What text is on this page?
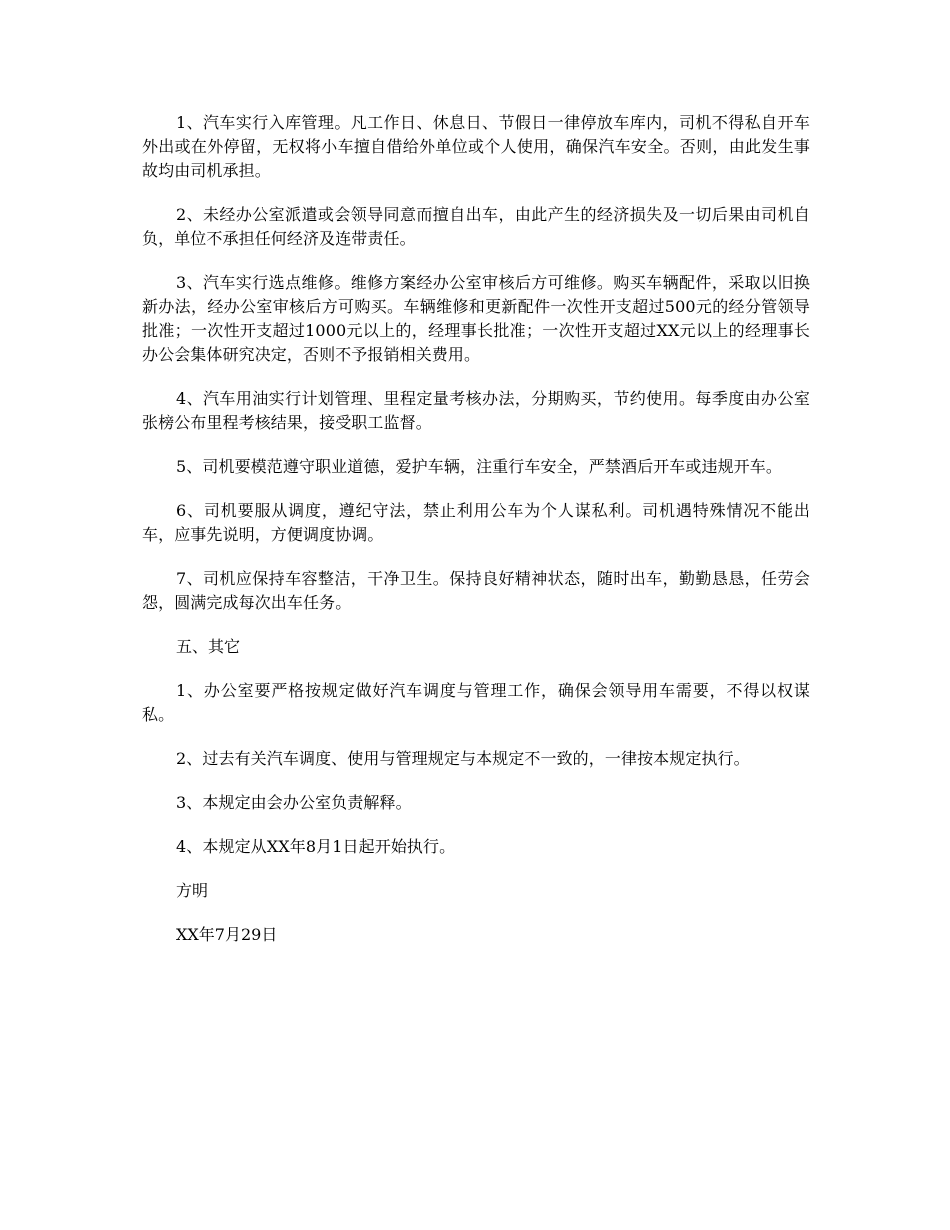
1、汽车实行入库管理。凡工作日、休息日、节假日一律停放车库内，司机不得私自开车外出或在外停留，无权将小车擅自借给外单位或个人使用，确保汽车安全。否则，由此发生事故均由司机承担。

2、未经办公室派遣或会领导同意而擅自出车，由此产生的经济损失及一切后果由司机自负，单位不承担任何经济及连带责任。

3、汽车实行选点维修。维修方案经办公室审核后方可维修。购买车辆配件，采取以旧换新办法，经办公室审核后方可购买。车辆维修和更新配件一次性开支超过500元的经分管领导批准；一次性开支超过1000元以上的，经理事长批准；一次性开支超过XX元以上的经理事长办公会集体研究决定，否则不予报销相关费用。

4、汽车用油实行计划管理、里程定量考核办法，分期购买，节约使用。每季度由办公室张榜公布里程考核结果，接受职工监督。

5、司机要模范遵守职业道德，爱护车辆，注重行车安全，严禁酒后开车或违规开车。

6、司机要服从调度，遵纪守法，禁止利用公车为个人谋私利。司机遇特殊情况不能出车，应事先说明，方便调度协调。

7、司机应保持车容整洁，干净卫生。保持良好精神状态，随时出车，勤勤恳恳，任劳会怨，圆满完成每次出车任务。

五、其它

1、办公室要严格按规定做好汽车调度与管理工作，确保会领导用车需要，不得以权谋私。

2、过去有关汽车调度、使用与管理规定与本规定不一致的，一律按本规定执行。

3、本规定由会办公室负责解释。

4、本规定从XX年8月1日起开始执行。

方明

XX年7月29日
